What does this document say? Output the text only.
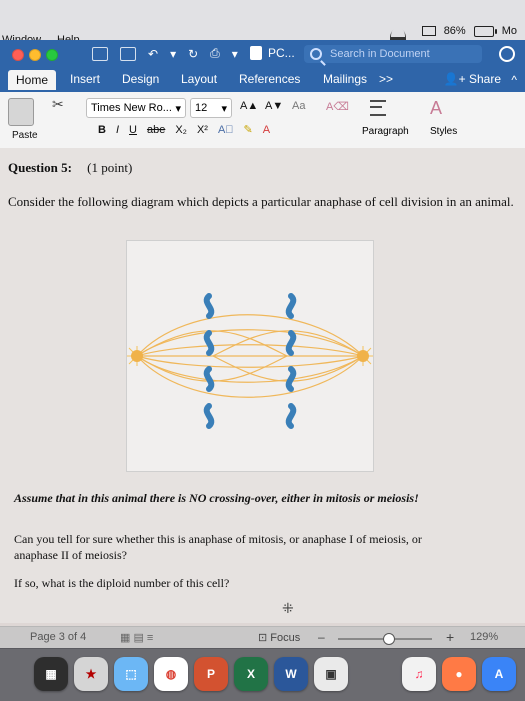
86%	Mo
↶ ▾ ↻ ⎙ ▾	PC...
Search in Document
Home	Insert Design Layout References Mailings >>	👤+ Share ^
Paste
✂ Times New Ro... ▾ 12 ▾ A▲ A▼ Aa A⌫
B I U abe X₂ X² A⃝ ✎ A	Paragraph
A
Styles
Question 5: (1 point)
Consider the following diagram which depicts a particular anaphase of cell division in an animal.
⁜
Assume that in this animal there is NO crossing-over, either in mitosis or meiosis!
Can you tell for sure whether this is anaphase of mitosis, or anaphase I of meiosis, or anaphase II of meiosis?
If so, what is the diploid number of this cell?
Page 3 of 4	▦ ▤ ≡	⊡ Focus –	+ 129%
▦	★	⬚	◍	P	X	W	▣	♫	●	A
